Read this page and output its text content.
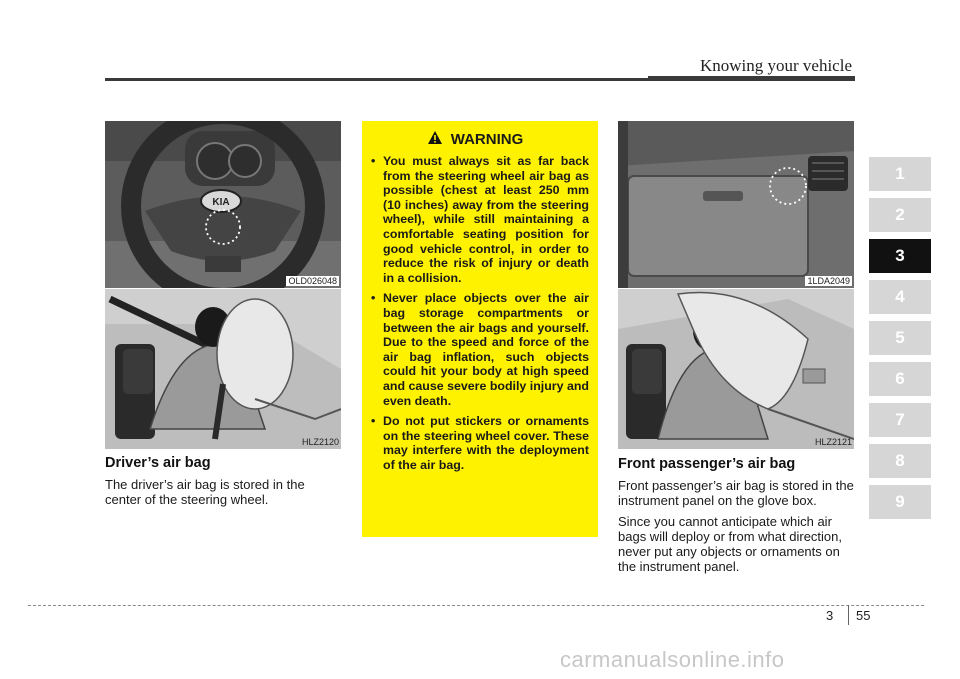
Knowing your vehicle
KIA
OLD026048
HLZ2120
Driver’s air bag

The driver’s air bag is stored in the center of the steering wheel.

WARNING
• You must always sit as far back from the steering wheel air bag as possible (chest at least 250 mm (10 inches) away from the steering wheel), while still maintaining a comfortable seating position for good vehicle control, in order to reduce the risk of injury or death in a collision.
• Never place objects over the air bag storage compartments or between the air bags and yourself. Due to the speed and force of the air bag inflation, such objects could hit your body at high speed and cause severe bodily injury and even death.
• Do not put stickers or ornaments on the steering wheel cover. These may interfere with the deployment of the air bag.
1LDA2049
HLZ2121
Front passenger’s air bag

Front passenger’s air bag is stored in the instrument panel on the glove box.

Since you cannot anticipate which air bags will deploy or from what direction, never put any objects or ornaments on the instrument panel.

1
2
3
4
5
6
7
8
9
3 55
carmanualsonline.info
